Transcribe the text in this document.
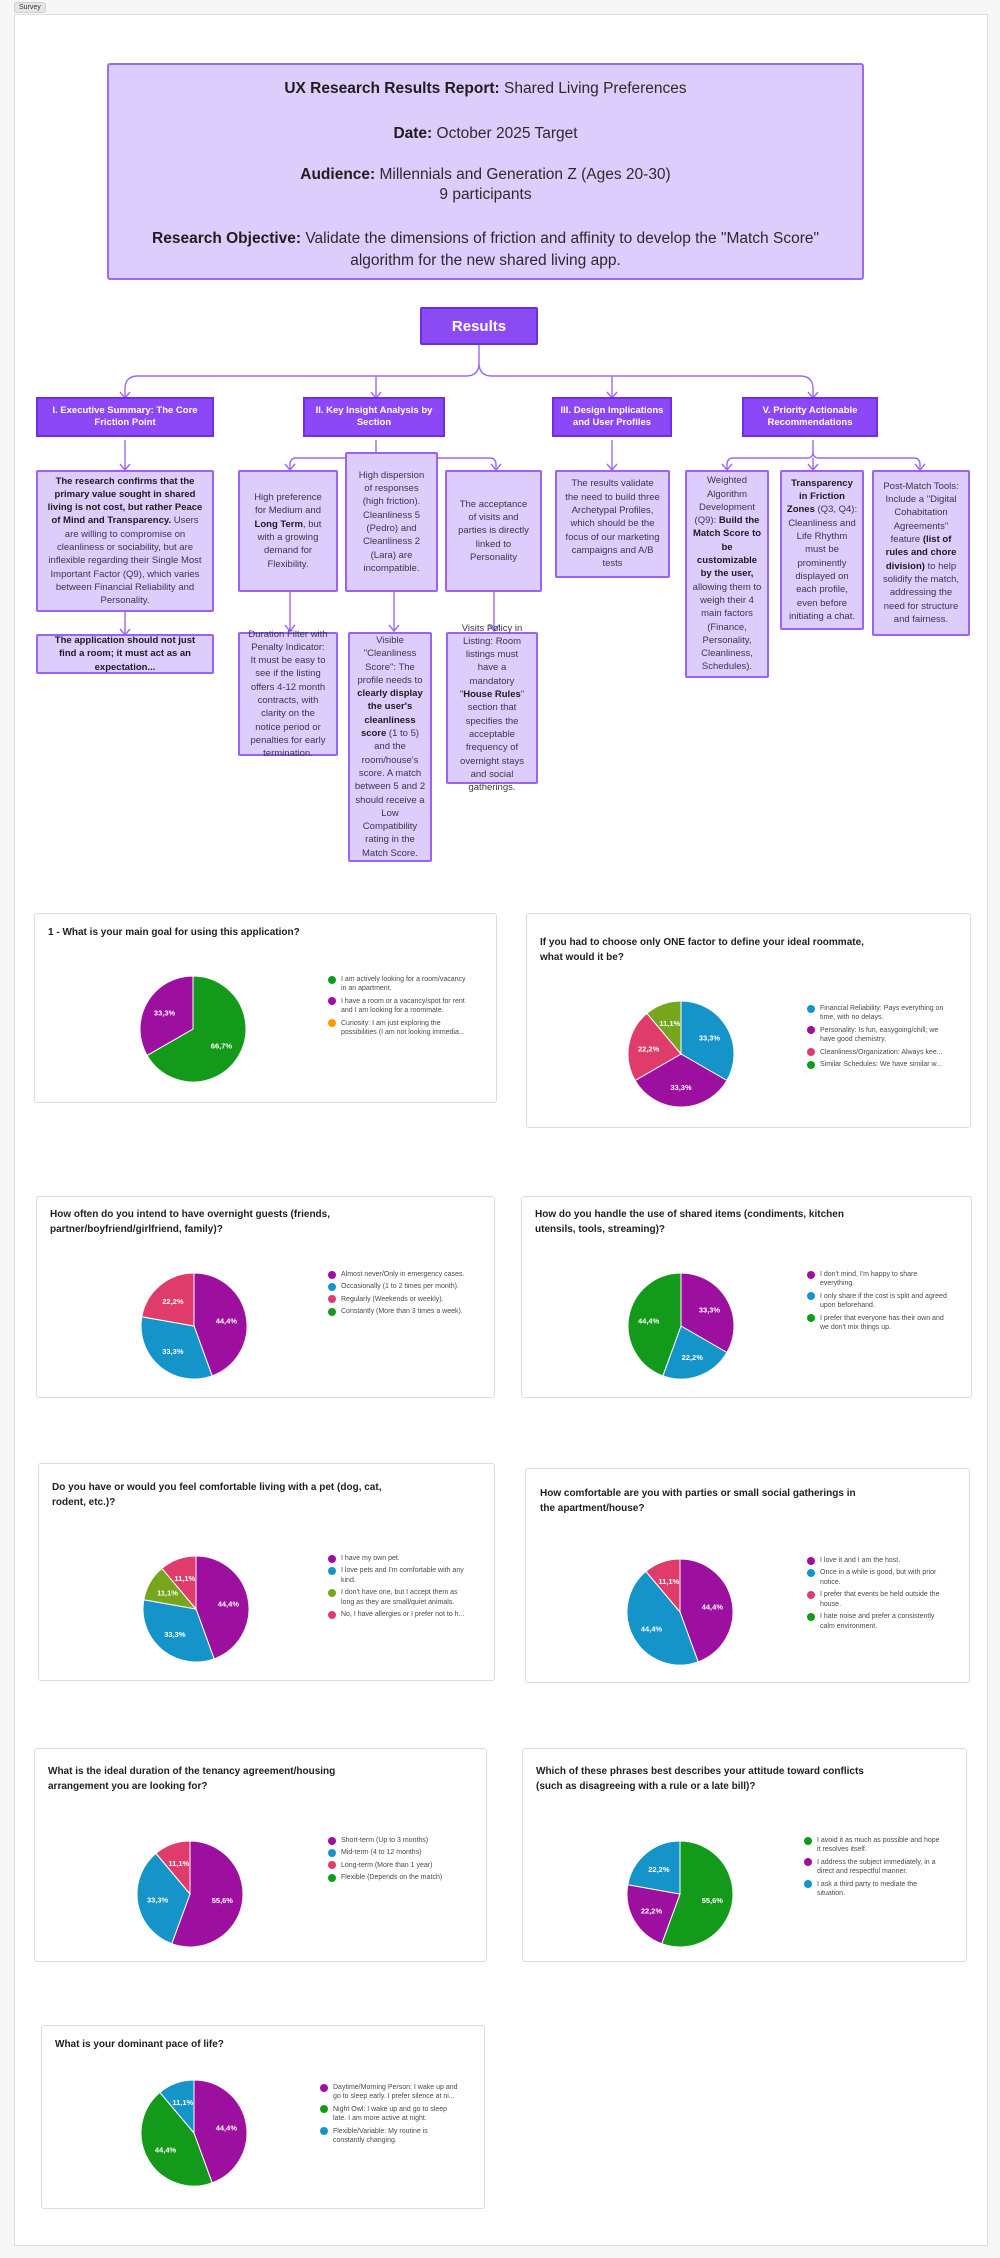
Survey

UX Research Results Report: Shared Living Preferences

Date: October 2025 Target

Audience: Millennials and Generation Z (Ages 20-30)

9 participants

Research Objective: Validate the dimensions of friction and affinity to develop the "Match Score" algorithm for the new shared living app.

Results
I. Executive Summary: The Core Friction Point
II. Key Insight Analysis by Section
III. Design Implications and User Profiles
V. Priority Actionable Recommendations
The research confirms that the primary value sought in shared living is not cost, but rather Peace of Mind and Transparency. Users are willing to compromise on cleanliness or sociability, but are inflexible regarding their Single Most Important Factor (Q9), which varies between Financial Reliability and Personality.
The application should not just find a room; it must act as an expectation...
High preference for Medium and Long Term, but with a growing demand for Flexibility.
High dispersion of responses (high friction). Cleanliness 5 (Pedro) and Cleanliness 2 (Lara) are incompatible.
The acceptance of visits and parties is directly linked to Personality
Duration Filter with Penalty Indicator: It must be easy to see if the listing offers 4-12 month contracts, with clarity on the notice period or penalties for early termination.
Visible "Cleanliness Score": The profile needs to clearly display the user's cleanliness score (1 to 5) and the room/house's score. A match between 5 and 2 should receive a Low Compatibility rating in the Match Score.
Visits Policy in Listing: Room listings must have a mandatory "House Rules" section that specifies the acceptable frequency of overnight stays and social gatherings.
The results validate the need to build three Archetypal Profiles, which should be the focus of our marketing campaigns and A/B tests
Weighted Algorithm Development (Q9): Build the Match Score to be customizable by the user, allowing them to weigh their 4 main factors (Finance, Personality, Cleanliness, Schedules).
Transparency in Friction Zones (Q3, Q4): Cleanliness and Life Rhythm must be prominently displayed on each profile, even before initiating a chat.
Post-Match Tools: Include a "Digital Cohabitation Agreements" feature (list of rules and chore division) to help solidify the match, addressing the need for structure and fairness.
1 - What is your main goal for using this application?
66,7%
33,3%
I am actively looking for a room/vacancy in an apartment.
I have a room or a vacancy/spot for rent and I am looking for a roommate.
Curiosity: I am just exploring the possibilities (I am not looking immedia...
If you had to choose only ONE factor to define your ideal roommate, what would it be?
33,3%
33,3%
22,2%
11,1%
Financial Reliability: Pays everything on time, with no delays.
Personality: Is fun, easygoing/chill; we have good chemistry.
Cleanliness/Organization: Always kee...
Similar Schedules: We have similar w...
How often do you intend to have overnight guests (friends, partner/boyfriend/girlfriend, family)?
44,4%
33,3%
22,2%
Almost never/Only in emergency cases.
Occasionally (1 to 2 times per month).
Regularly (Weekends or weekly).
Constantly (More than 3 times a week).
How do you handle the use of shared items (condiments, kitchen utensils, tools, streaming)?
33,3%
22,2%
44,4%
I don't mind, I'm happy to share everything.
I only share if the cost is split and agreed upon beforehand.
I prefer that everyone has their own and we don't mix things up.
Do you have or would you feel comfortable living with a pet (dog, cat, rodent, etc.)?
44,4%
33,3%
11,1%
11,1%
I have my own pet.
I love pets and I'm comfortable with any kind.
I don't have one, but I accept them as long as they are small/quiet animals.
No, I have allergies or I prefer not to h...
How comfortable are you with parties or small social gatherings in the apartment/house?
44,4%
44,4%
11,1%
I love it and I am the host.
Once in a while is good, but with prior notice.
I prefer that events be held outside the house.
I hate noise and prefer a consistently calm environment.
What is the ideal duration of the tenancy agreement/housing arrangement you are looking for?
55,6%
33,3%
11,1%
Short-term (Up to 3 months)
Mid-term (4 to 12 months)
Long-term (More than 1 year)
Flexible (Depends on the match)
Which of these phrases best describes your attitude toward conflicts (such as disagreeing with a rule or a late bill)?
55,6%
22,2%
22,2%
I avoid it as much as possible and hope it resolves itself.
I address the subject immediately, in a direct and respectful manner.
I ask a third party to mediate the situation.
What is your dominant pace of life?
44,4%
44,4%
11,1%
Daytime/Morning Person: I wake up and go to sleep early. I prefer silence at ni...
Night Owl: I wake up and go to sleep late. I am more active at night.
Flexible/Variable: My routine is constantly changing.
